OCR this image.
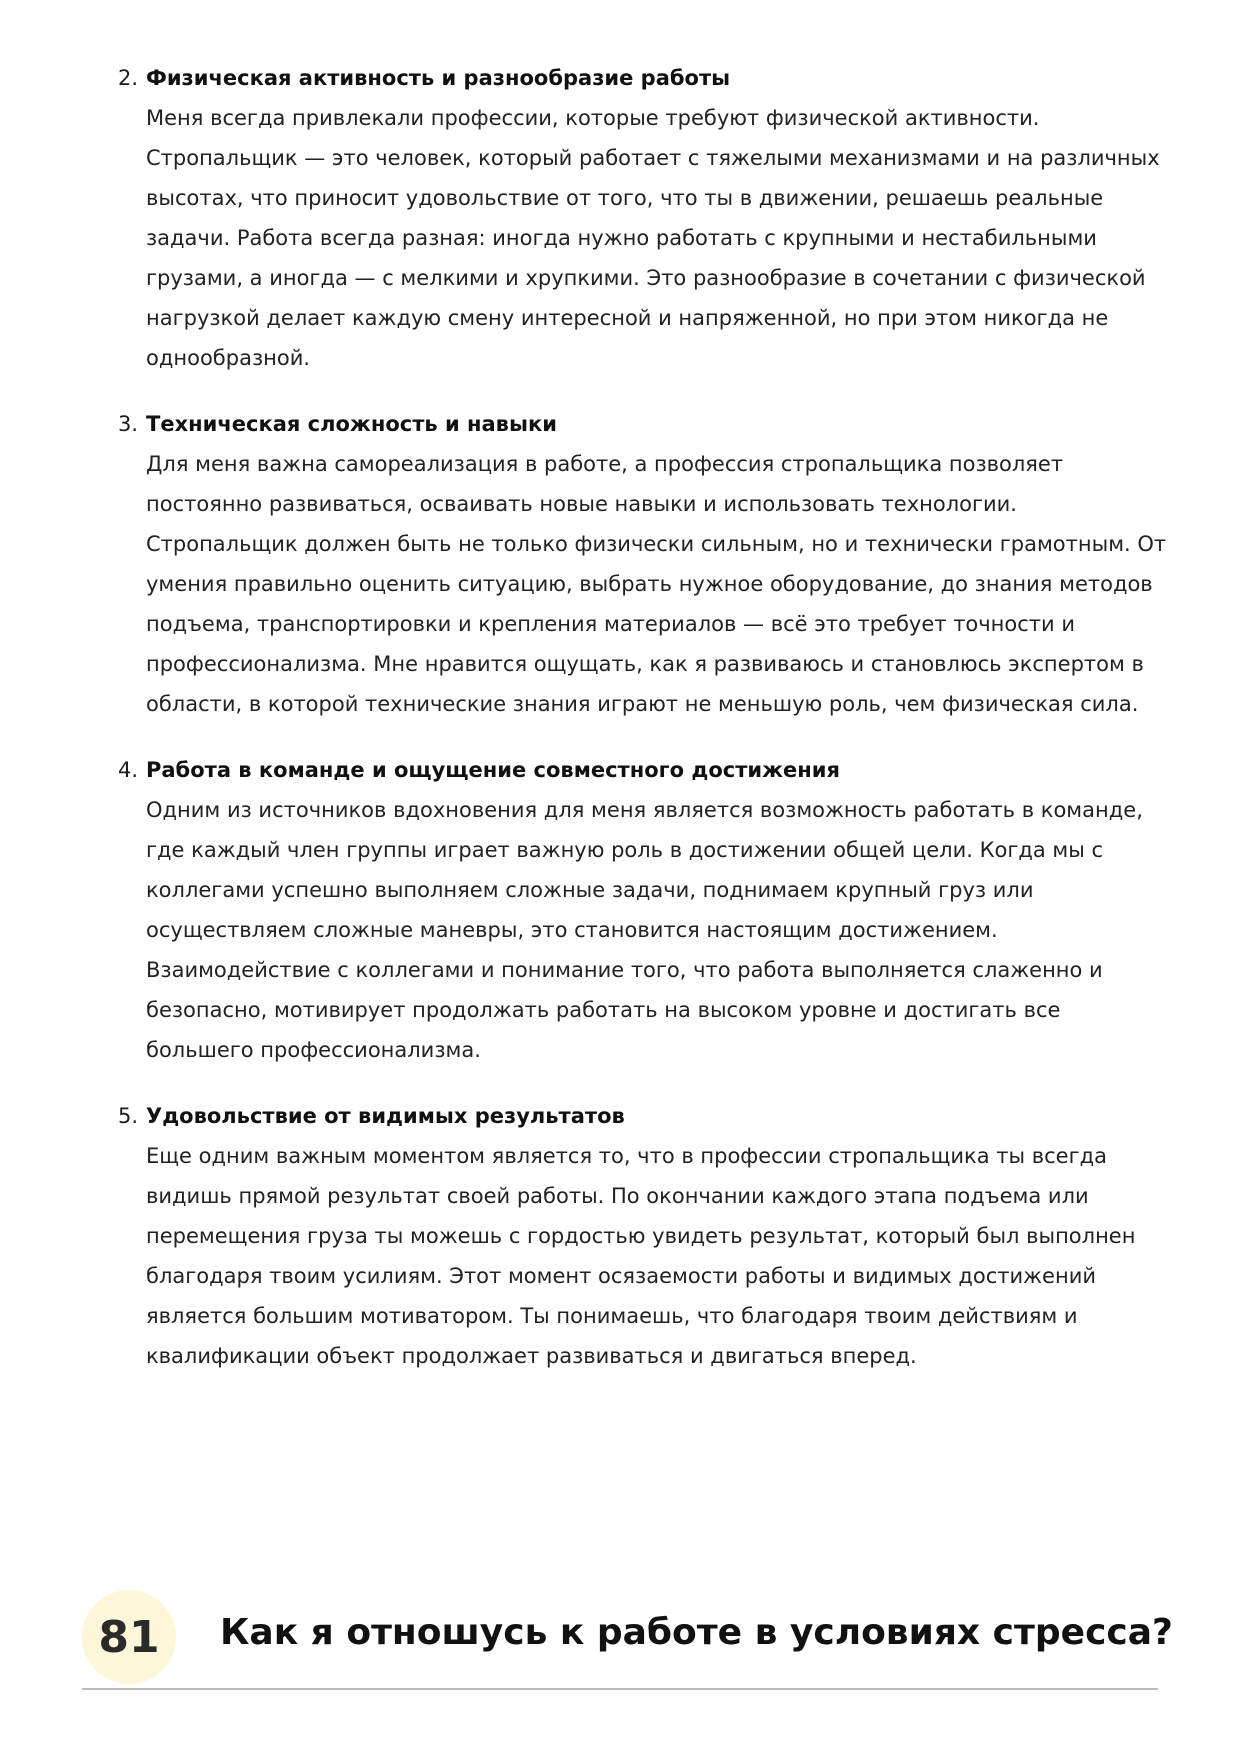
2. Физическая активность и разнообразие работы
Меня всегда привлекали профессии, которые требуют физической активности. Стропальщик — это человек, который работает с тяжелыми механизмами и на различных высотах, что приносит удовольствие от того, что ты в движении, решаешь реальные задачи. Работа всегда разная: иногда нужно работать с крупными и нестабильными грузами, а иногда — с мелкими и хрупкими. Это разнообразие в сочетании с физической нагрузкой делает каждую смену интересной и напряженной, но при этом никогда не однообразной.
3. Техническая сложность и навыки
Для меня важна самореализация в работе, а профессия стропальщика позволяет постоянно развиваться, осваивать новые навыки и использовать технологии. Стропальщик должен быть не только физически сильным, но и технически грамотным. От умения правильно оценить ситуацию, выбрать нужное оборудование, до знания методов подъема, транспортировки и крепления материалов — всё это требует точности и профессионализма. Мне нравится ощущать, как я развиваюсь и становлюсь экспертом в области, в которой технические знания играют не меньшую роль, чем физическая сила.
4. Работа в команде и ощущение совместного достижения
Одним из источников вдохновения для меня является возможность работать в команде, где каждый член группы играет важную роль в достижении общей цели. Когда мы с коллегами успешно выполняем сложные задачи, поднимаем крупный груз или осуществляем сложные маневры, это становится настоящим достижением. Взаимодействие с коллегами и понимание того, что работа выполняется слаженно и безопасно, мотивирует продолжать работать на высоком уровне и достигать все большего профессионализма.
5. Удовольствие от видимых результатов
Еще одним важным моментом является то, что в профессии стропальщика ты всегда видишь прямой результат своей работы. По окончании каждого этапа подъема или перемещения груза ты можешь с гордостью увидеть результат, который был выполнен благодаря твоим усилиям. Этот момент осязаемости работы и видимых достижений является большим мотиватором. Ты понимаешь, что благодаря твоим действиям и квалификации объект продолжает развиваться и двигаться вперед.
81	Как я отношусь к работе в условиях стресса?
